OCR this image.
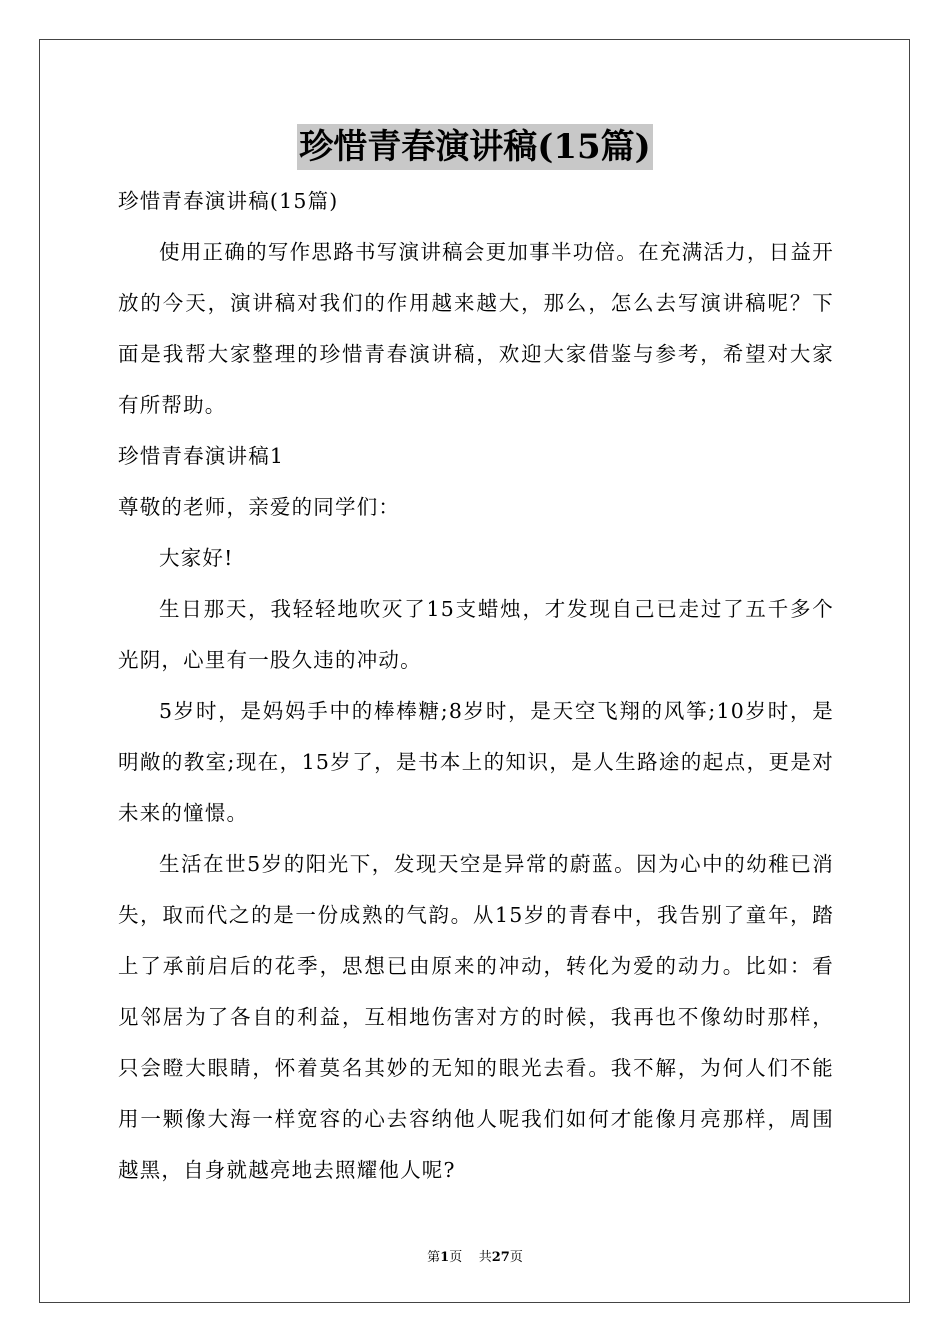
珍惜青春演讲稿(15篇)

珍惜青春演讲稿(15篇)

使用正确的写作思路书写演讲稿会更加事半功倍。在充满活力，日益开放的今天，演讲稿对我们的作用越来越大，那么，怎么去写演讲稿呢？下面是我帮大家整理的珍惜青春演讲稿，欢迎大家借鉴与参考，希望对大家有所帮助。

珍惜青春演讲稿1

尊敬的老师，亲爱的同学们：

大家好!

生日那天，我轻轻地吹灭了15支蜡烛，才发现自己已走过了五千多个光阴，心里有一股久违的冲动。

5岁时，是妈妈手中的棒棒糖;8岁时，是天空飞翔的风筝;10岁时，是明敞的教室;现在，15岁了，是书本上的知识，是人生路途的起点，更是对未来的憧憬。

生活在世5岁的阳光下，发现天空是异常的蔚蓝。因为心中的幼稚已消失，取而代之的是一份成熟的气韵。从15岁的青春中，我告别了童年，踏上了承前启后的花季，思想已由原来的冲动，转化为爱的动力。比如：看见邻居为了各自的利益，互相地伤害对方的时候，我再也不像幼时那样，只会瞪大眼睛，怀着莫名其妙的无知的眼光去看。我不解，为何人们不能用一颗像大海一样宽容的心去容纳他人呢我们如何才能像月亮那样，周围越黑，自身就越亮地去照耀他人呢?

第1页 共27页
